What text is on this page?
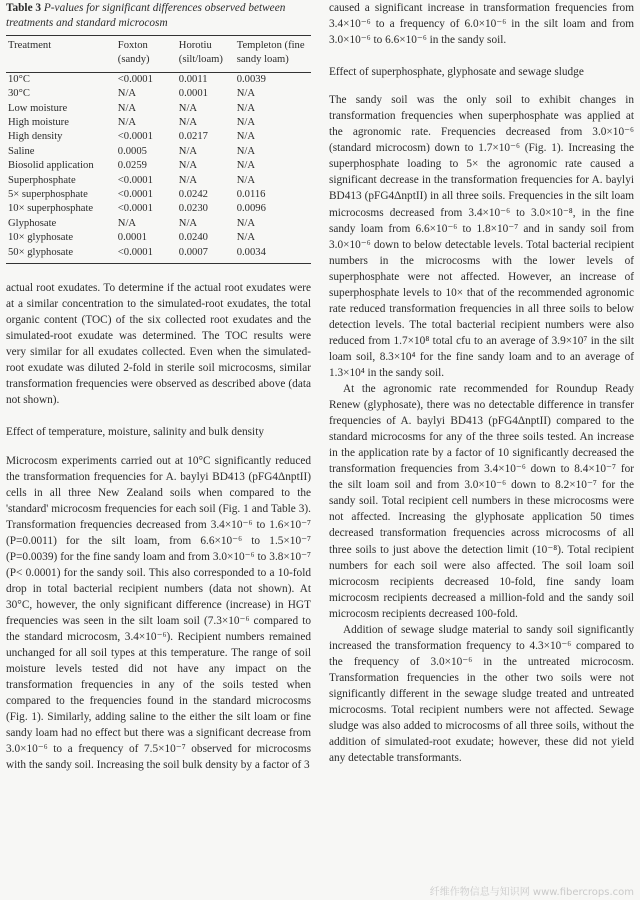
Table 3 P-values for significant differences observed between treatments and standard microcosm
Treatment	Foxton (sandy)	Horotiu (silt/loam)	Templeton (fine sandy loam)
10°C	<0.0001	0.0011	0.0039
30°C	N/A	0.0001	N/A
Low moisture	N/A	N/A	N/A
High moisture	N/A	N/A	N/A
High density	<0.0001	0.0217	N/A
Saline	0.0005	N/A	N/A
Biosolid application	0.0259	N/A	N/A
Superphosphate	<0.0001	N/A	N/A
5× superphosphate	<0.0001	0.0242	0.0116
10× superphosphate	<0.0001	0.0230	0.0096
Glyphosate	N/A	N/A	N/A
10× glyphosate	0.0001	0.0240	N/A
50× glyphosate	<0.0001	0.0007	0.0034

actual root exudates. To determine if the actual root exudates were at a similar concentration to the simulated-root exudates, the total organic content (TOC) of the six collected root exudates and the simulated-root exudate was determined. The TOC results were very similar for all exudates collected. Even when the simulated-root exudate was diluted 2-fold in sterile soil microcosms, similar transformation frequencies were observed as described above (data not shown).

Effect of temperature, moisture, salinity and bulk density

Microcosm experiments carried out at 10°C significantly reduced the transformation frequencies for A. baylyi BD413 (pFG4ΔnptII) cells in all three New Zealand soils when compared to the 'standard' microcosm frequencies for each soil (Fig. 1 and Table 3). Transformation frequencies decreased from 3.4×10⁻⁶ to 1.6×10⁻⁷ (P=0.0011) for the silt loam, from 6.6×10⁻⁶ to 1.5×10⁻⁷ (P=0.0039) for the fine sandy loam and from 3.0×10⁻⁶ to 3.8×10⁻⁷ (P< 0.0001) for the sandy soil. This also corresponded to a 10-fold drop in total bacterial recipient numbers (data not shown). At 30°C, however, the only significant difference (increase) in HGT frequencies was seen in the silt loam soil (7.3×10⁻⁶ compared to the standard microcosm, 3.4×10⁻⁶). Recipient numbers remained unchanged for all soil types at this temperature. The range of soil moisture levels tested did not have any impact on the transformation frequencies in any of the soils tested when compared to the frequencies found in the standard microcosms (Fig. 1). Similarly, adding saline to the either the silt loam or fine sandy loam had no effect but there was a significant decrease from 3.0×10⁻⁶ to a frequency of 7.5×10⁻⁷ observed for microcosms with the sandy soil. Increasing the soil bulk density by a factor of 3

caused a significant increase in transformation frequencies from 3.4×10⁻⁶ to a frequency of 6.0×10⁻⁶ in the silt loam and from 3.0×10⁻⁶ to 6.6×10⁻⁶ in the sandy soil.

Effect of superphosphate, glyphosate and sewage sludge

The sandy soil was the only soil to exhibit changes in transformation frequencies when superphosphate was applied at the agronomic rate. Frequencies decreased from 3.0×10⁻⁶ (standard microcosm) down to 1.7×10⁻⁶ (Fig. 1). Increasing the superphosphate loading to 5× the agronomic rate caused a significant decrease in the transformation frequencies for A. baylyi BD413 (pFG4ΔnptII) in all three soils. Frequencies in the silt loam microcosms decreased from 3.4×10⁻⁶ to 3.0×10⁻⁸, in the fine sandy loam from 6.6×10⁻⁶ to 1.8×10⁻⁷ and in sandy soil from 3.0×10⁻⁶ down to below detectable levels. Total bacterial recipient numbers in the microcosms with the lower levels of superphosphate were not affected. However, an increase of superphosphate levels to 10× that of the recommended agronomic rate reduced transformation frequencies in all three soils to below detection levels. The total bacterial recipient numbers were also reduced from 1.7×10⁸ total cfu to an average of 3.9×10⁷ in the silt loam soil, 8.3×10⁴ for the fine sandy loam and to an average of 1.3×10⁴ in the sandy soil.

At the agronomic rate recommended for Roundup Ready Renew (glyphosate), there was no detectable difference in transfer frequencies of A. baylyi BD413 (pFG4ΔnptII) compared to the standard microcosms for any of the three soils tested. An increase in the application rate by a factor of 10 significantly decreased the transformation frequencies from 3.4×10⁻⁶ down to 8.4×10⁻⁷ for the silt loam soil and from 3.0×10⁻⁶ down to 8.2×10⁻⁷ for the sandy soil. Total recipient cell numbers in these microcosms were not affected. Increasing the glyphosate application 50 times decreased transformation frequencies across microcosms of all three soils to just above the detection limit (10⁻⁸). Total recipient numbers for each soil were also affected. The soil loam soil microcosm recipients decreased 10-fold, fine sandy loam microcosm recipients decreased a million-fold and the sandy soil microcosm recipients decreased 100-fold.

Addition of sewage sludge material to sandy soil significantly increased the transformation frequency to 4.3×10⁻⁶ compared to the frequency of 3.0×10⁻⁶ in the untreated microcosm. Transformation frequencies in the other two soils were not significantly different in the sewage sludge treated and untreated microcosms. Total recipient numbers were not affected. Sewage sludge was also added to microcosms of all three soils, without the addition of simulated-root exudate; however, these did not yield any detectable transformants.

纤维作物信息与知识网 www.fibercrops.com
